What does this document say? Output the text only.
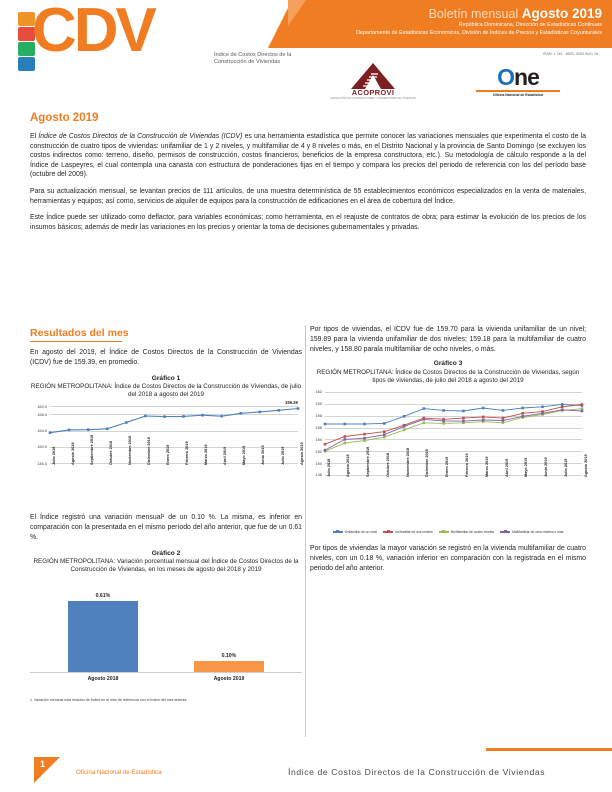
CDV	Índice de Costos Directos de la Construcción de Viviendas
Boletín mensual Agosto 2019
República Dominicana, Dirección de Estadísticas Continuas
Departamento de Estadísticas Económicas, División de Índices de Precios y Estadísticas Coyunturales
ISSN: 1 749 - 8825, ISSN 9421 18
ACOPROVI
ASOCIACIÓN DE CONSTRUCTORES Y PROMOTORES DE VIVIENDAS
One
Oficina Nacional de Estadística
Agosto 2019

El Índice de Costos Directos de la Construcción de Viviendas (ICDV) es una herramienta estadística que permite conocer las variaciones mensuales que experimenta el costo de la construcción de cuatro tipos de viviendas: unifamiliar de 1 y 2 niveles, y multifamiliar de 4 y 8 niveles o más, en el Distrito Nacional y la provincia de Santo Domingo (se excluyen los costos indirectos como: terreno, diseño, permisos de construcción, costos financieros, beneficios de la empresa constructora, etc.). Su metodología de cálculo responde a la del Índice de Laspeyres, el cual contempla una canasta con estructura de ponderaciones fijas en el tiempo y compara los precios del periodo de referencia con los del período base (octubre del 2009).

Para su actualización mensual, se levantan precios de 111 artículos, de una muestra determinística de 55 establecimientos económicos especializados en la venta de materiales, herramientas y equipos; así como, servicios de alquiler de equipos para la construcción de edificaciones en el área de cobertura del Índice.

Este Índice puede ser utilizado como deflactor, para variables económicas; como herramienta, en el reajuste de contratos de obra; para estimar la evolución de los precios de los insumos básicos; además de medir las variaciones en los precios y orientar la toma de decisiones gubernamentales y privadas.

Resultados del mes

En agosto del 2019, el Índice de Costos Directos de la Construcción de Viviendas (ICDV) fue de 159.39, en promedio.

Gráfico 1
REGIÓN METROPOLITANA: Índice de Costos Directos de la Construcción de Viviendas, de julio del 2018 a agosto del 2019
160.0
158.0
154.0
150.0
146.0
159.39
Julio 2018	Agosto 2018	Septiembre 2018	Octubre 2018	Noviembre 2018	Diciembre 2018	Enero 2019	Febrero 2019	Marzo 2019	Abril 2019	Mayo 2019	Junio 2019	Julio 2019	Agosto 2019

El Índice registró una variación mensual¹ de un 0.10 %. La misma, es inferior en comparación con la presentada en el mismo período del año anterior, que fue de un 0.61 %.

Gráfico 2
REGIÓN METROPOLITANA: Variación porcentual mensual del Índice de Costos Directos de la Construcción de Viviendas, en los meses de agosto del 2018 y 2019
0.61%
Agosto 2018
0.10%
Agosto 2019
1. Variación mensual esta relación de Índice en el mes de referencia con el Índice del mes anterior.

Por tipos de viviendas, el ICDV fue de 159.70 para la vivienda unifamiliar de un nivel; 159.89 para la vivienda unifamiliar de dos niveles; 159.18 para la multifamiliar de cuatro niveles, y 158.80 parala multifamiliar de ocho niveles, o más.

Gráfico 3
REGIÓN METROPLITANA: Índice de Costos Directos de la Construcción de Viviendas, según tipos de viviendas, de julio del 2018 a agosto del 2019
162
160
158
156
154
152
150
148 Julio 2018	Agosto 2018	Septiembre 2018	Octubre 2018	Noviembre 2018	Diciembre 2018	Enero 2019	Febrero 2019	Marzo 2019	Abril 2019	Mayo 2019	Junio 2019	Julio 2019	Agosto 2019
Unifamiliar de un nivel	Unifamiliar de dos niveles	Multifamiliar de cuatro niveles	Multifamiliar de ocho niveles o más

Por tipos de viviendas la mayor variación se registró en la vivienda multifamiliar de cuatro niveles, con un 0.18 %, variación inferior en comparación con la registrada en el mismo periodo del año anterior.

1
Oficina Nacional de Estadística	Índice de Costos Directos de la Construcción de Viviendas
